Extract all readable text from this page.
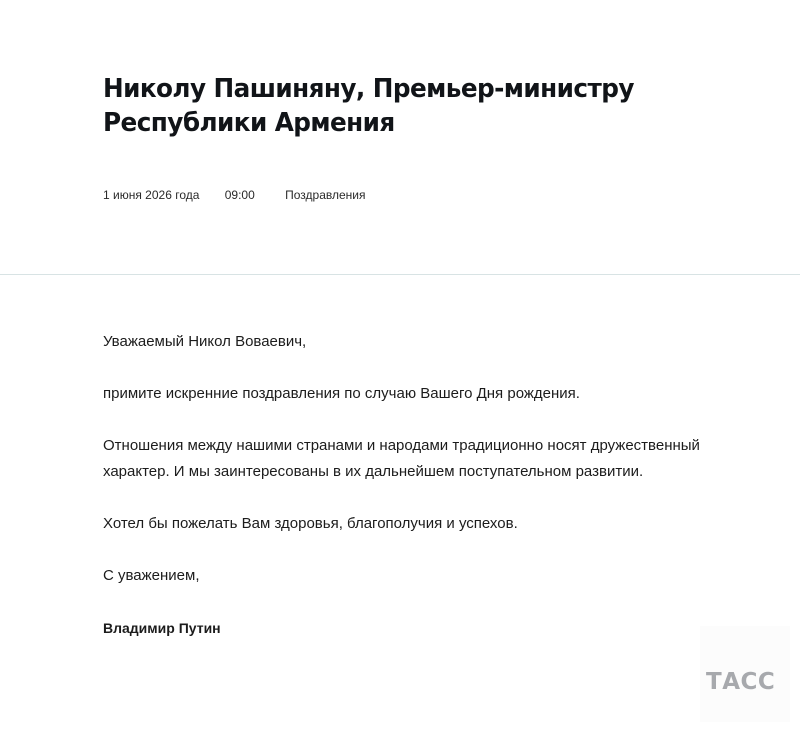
Николу Пашиняну, Премьер-министру Республики Армения
1 июня 2026 года 09:00	Поздравления

Уважаемый Никол Воваевич,

примите искренние поздравления по случаю Вашего Дня рождения.

Отношения между нашими странами и народами традиционно носят дружественный характер. И мы заинтересованы в их дальнейшем поступательном развитии.

Хотел бы пожелать Вам здоровья, благополучия и успехов.

С уважением,

Владимир Путин

ТАСС
